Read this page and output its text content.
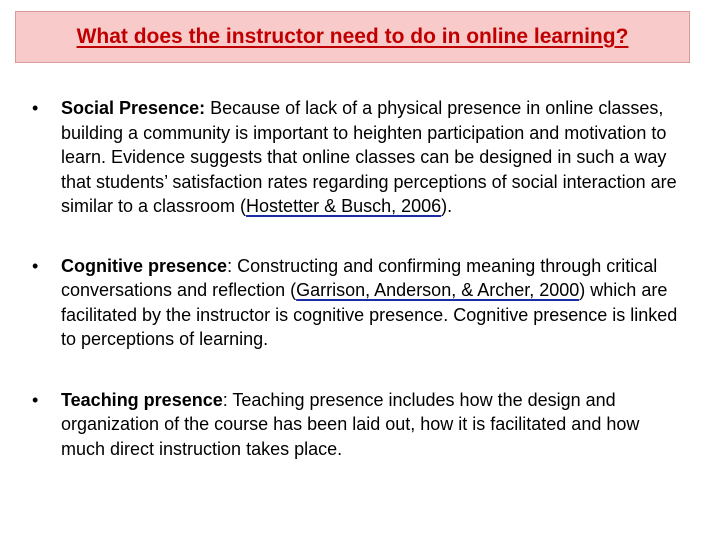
What does the instructor need to do in online learning?
• Social Presence: Because of lack of a physical presence in online classes, building a community is important to heighten participation and motivation to learn. Evidence suggests that online classes can be designed in such a way that students’ satisfaction rates regarding perceptions of social interaction are similar to a classroom (Hostetter & Busch, 2006).
• Cognitive presence: Constructing and confirming meaning through critical conversations and reflection (Garrison, Anderson, & Archer, 2000) which are facilitated by the instructor is cognitive presence. Cognitive presence is linked to perceptions of learning.
• Teaching presence: Teaching presence includes how the design and organization of the course has been laid out, how it is facilitated and how much direct instruction takes place.
